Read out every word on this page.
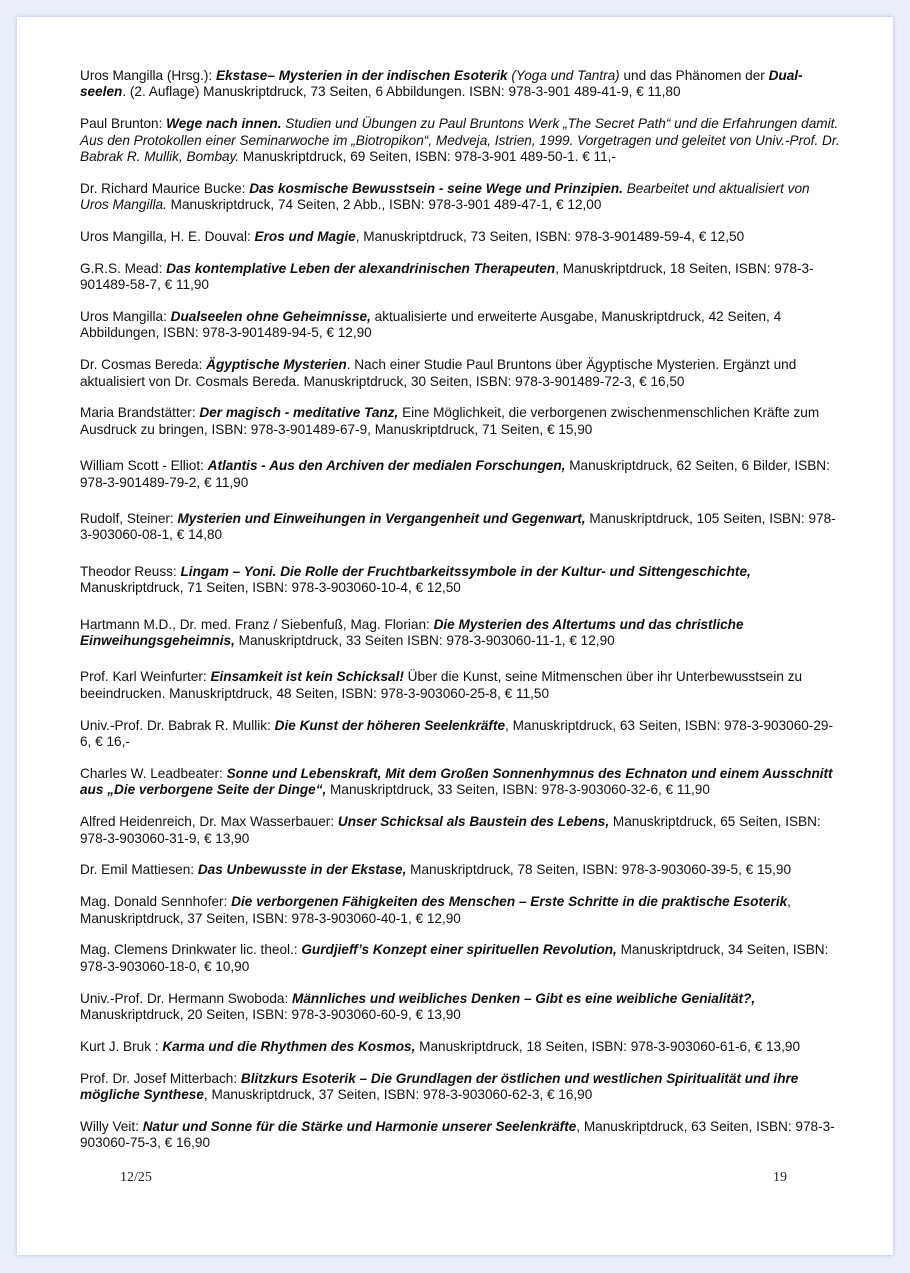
Uros Mangilla (Hrsg.): Ekstase– Mysterien in der indischen Esoterik (Yoga und Tantra) und das Phänomen der Dual-seelen. (2. Auflage) Manuskriptdruck, 73 Seiten, 6 Abbildungen. ISBN: 978-3-901 489-41-9, € 11,80

Paul Brunton: Wege nach innen. Studien und Übungen zu Paul Bruntons Werk „The Secret Path“ und die Erfahrungen damit. Aus den Protokollen einer Seminarwoche im „Biotropikon“, Medveja, Istrien, 1999. Vorgetragen und geleitet von Univ.-Prof. Dr. Babrak R. Mullik, Bombay. Manuskriptdruck, 69 Seiten, ISBN: 978-3-901 489-50-1. € 11,-

Dr. Richard Maurice Bucke: Das kosmische Bewusstsein - seine Wege und Prinzipien. Bearbeitet und aktualisiert von Uros Mangilla. Manuskriptdruck, 74 Seiten, 2 Abb., ISBN: 978-3-901 489-47-1, € 12,00

Uros Mangilla, H. E. Douval: Eros und Magie, Manuskriptdruck, 73 Seiten, ISBN: 978-3-901489-59-4, € 12,50

G.R.S. Mead: Das kontemplative Leben der alexandrinischen Therapeuten, Manuskriptdruck, 18 Seiten, ISBN: 978-3-901489-58-7, € 11,90

Uros Mangilla: Dualseelen ohne Geheimnisse, aktualisierte und erweiterte Ausgabe, Manuskriptdruck, 42 Seiten, 4 Abbildungen, ISBN: 978-3-901489-94-5, € 12,90

Dr. Cosmas Bereda: Ägyptische Mysterien. Nach einer Studie Paul Bruntons über Ägyptische Mysterien. Ergänzt und aktualisiert von Dr. Cosmals Bereda. Manuskriptdruck, 30 Seiten, ISBN: 978-3-901489-72-3, € 16,50

Maria Brandstätter: Der magisch - meditative Tanz, Eine Möglichkeit, die verborgenen zwischenmenschlichen Kräfte zum Ausdruck zu bringen, ISBN: 978-3-901489-67-9, Manuskriptdruck, 71 Seiten, € 15,90

William Scott - Elliot: Atlantis - Aus den Archiven der medialen Forschungen, Manuskriptdruck, 62 Seiten, 6 Bilder, ISBN: 978-3-901489-79-2, € 11,90

Rudolf, Steiner: Mysterien und Einweihungen in Vergangenheit und Gegenwart, Manuskriptdruck, 105 Seiten, ISBN: 978-3-903060-08-1, € 14,80

Theodor Reuss: Lingam – Yoni. Die Rolle der Fruchtbarkeitssymbole in der Kultur- und Sittengeschichte, Manuskriptdruck, 71 Seiten, ISBN: 978-3-903060-10-4, € 12,50

Hartmann M.D., Dr. med. Franz / Siebenfuß, Mag. Florian: Die Mysterien des Altertums und das christliche Einweihungsgeheimnis, Manuskriptdruck, 33 Seiten ISBN: 978-3-903060-11-1, € 12,90

Prof. Karl Weinfurter: Einsamkeit ist kein Schicksal! Über die Kunst, seine Mitmenschen über ihr Unterbewusstsein zu beeindrucken. Manuskriptdruck, 48 Seiten, ISBN: 978-3-903060-25-8, € 11,50

Univ.-Prof. Dr. Babrak R. Mullik: Die Kunst der höheren Seelenkräfte, Manuskriptdruck, 63 Seiten, ISBN: 978-3-903060-29-6, € 16,-

Charles W. Leadbeater: Sonne und Lebenskraft, Mit dem Großen Sonnenhymnus des Echnaton und einem Ausschnitt aus „Die verborgene Seite der Dinge“, Manuskriptdruck, 33 Seiten, ISBN: 978-3-903060-32-6, € 11,90

Alfred Heidenreich, Dr. Max Wasserbauer: Unser Schicksal als Baustein des Lebens, Manuskriptdruck, 65 Seiten, ISBN: 978-3-903060-31-9, € 13,90

Dr. Emil Mattiesen: Das Unbewusste in der Ekstase, Manuskriptdruck, 78 Seiten, ISBN: 978-3-903060-39-5, € 15,90

Mag. Donald Sennhofer: Die verborgenen Fähigkeiten des Menschen – Erste Schritte in die praktische Esoterik, Manuskriptdruck, 37 Seiten, ISBN: 978-3-903060-40-1, € 12,90

Mag. Clemens Drinkwater lic. theol.: Gurdjieff’s Konzept einer spirituellen Revolution, Manuskriptdruck, 34 Seiten, ISBN: 978-3-903060-18-0, € 10,90

Univ.-Prof. Dr. Hermann Swoboda: Männliches und weibliches Denken – Gibt es eine weibliche Genialität?, Manuskriptdruck, 20 Seiten, ISBN: 978-3-903060-60-9, € 13,90

Kurt J. Bruk : Karma und die Rhythmen des Kosmos, Manuskriptdruck, 18 Seiten, ISBN: 978-3-903060-61-6, € 13,90

Prof. Dr. Josef Mitterbach: Blitzkurs Esoterik – Die Grundlagen der östlichen und westlichen Spiritualität und ihre mögliche Synthese, Manuskriptdruck, 37 Seiten, ISBN: 978-3-903060-62-3, € 16,90

Willy Veit: Natur und Sonne für die Stärke und Harmonie unserer Seelenkräfte, Manuskriptdruck, 63 Seiten, ISBN: 978-3-903060-75-3, € 16,90

12/25	19
